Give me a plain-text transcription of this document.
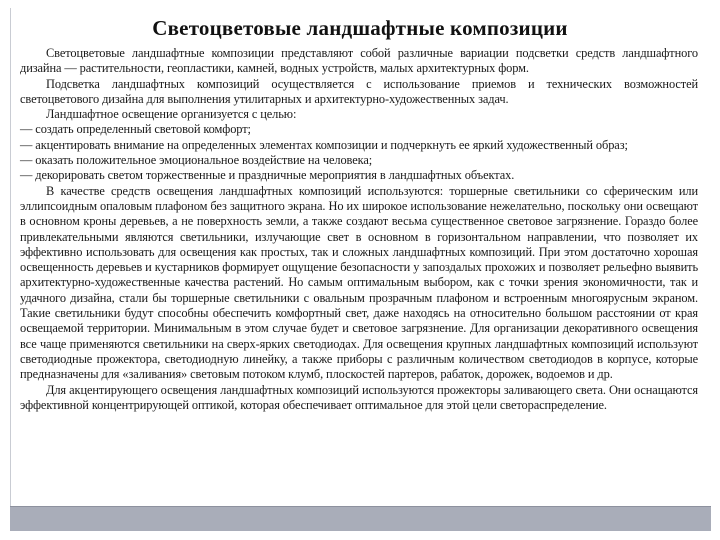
Светоцветовые ландшафтные композиции

Светоцветовые ландшафтные композиции представляют собой различные вариации подсветки средств ландшафтного дизайна — растительности, геопластики, камней, водных устройств, малых архитектурных форм.

Подсветка ландшафтных композиций осуществляется с использование приемов и технических возможностей светоцветового дизайна для выполнения утилитарных и архитектурно-художественных задач.

Ландшафтное освещение организуется с целью:

— создать определенный световой комфорт;

— акцентировать внимание на определенных элементах композиции и подчеркнуть ее яркий художественный образ;

— оказать положительное эмоциональное воздействие на человека;

— декорировать светом торжественные и праздничные мероприятия в ландшафтных объектах.

В качестве средств освещения ландшафтных композиций используются: торшерные светильники со сферическим или эллипсоидным опаловым плафоном без защитного экрана. Но их широкое использование нежелательно, поскольку они освещают в основном кроны деревьев, а не поверхность земли, а также создают весьма существенное световое загрязнение. Гораздо более привлекательными являются светильники, излучающие свет в основном в горизонтальном направлении, что позволяет их эффективно использовать для освещения как простых, так и сложных ландшафтных композиций. При этом достаточно хорошая освещенность деревьев и кустарников формирует ощущение безопасности у запоздалых прохожих и позволяет рельефно выявить архитектурно-художественные качества растений. Но самым оптимальным выбором, как с точки зрения экономичности, так и удачного дизайна, стали бы торшерные светильники с овальным прозрачным плафоном и встроенным многоярусным экраном. Такие светильники будут способны обеспечить комфортный свет, даже находясь на относительно большом расстоянии от края освещаемой территории. Минимальным в этом случае будет и световое загрязнение. Для организации декоративного освещения все чаще применяются светильники на сверх-ярких светодиодах. Для освещения крупных ландшафтных композиций используют светодиодные прожектора, светодиодную линейку, а также приборы с различным количеством светодиодов в корпусе, которые предназначены для «заливания» световым потоком клумб, плоскостей партеров, рабаток, дорожек, водоемов и др.

Для акцентирующего освещения ландшафтных композиций используются прожекторы заливающего света. Они оснащаются эффективной концентрирующей оптикой, которая обеспечивает оптимальное для этой цели светораспределение.
